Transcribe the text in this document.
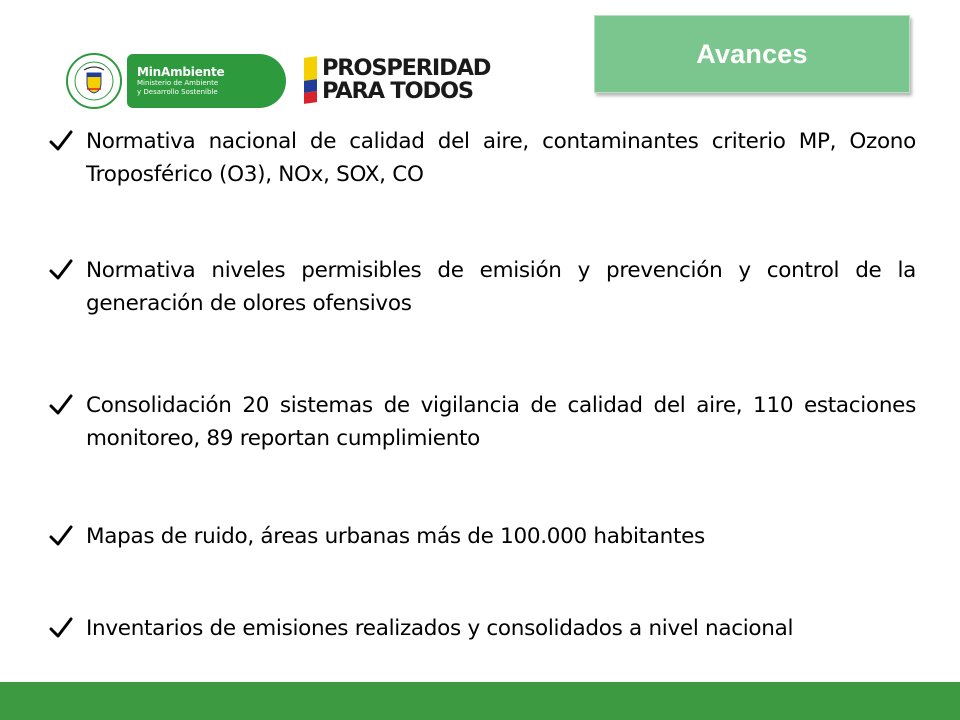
MinAmbiente
Ministerio de Ambiente
y Desarrollo Sostenible
PROSPERIDAD
PARA TODOS
Avances
Normativa nacional de calidad del aire, contaminantes criterio MP, Ozono Troposférico (O3), NOx, SOX, CO
Normativa niveles permisibles de emisión y prevención y control de la generación de olores ofensivos
Consolidación 20 sistemas de vigilancia de calidad del aire, 110 estaciones monitoreo, 89 reportan cumplimiento
Mapas de ruido, áreas urbanas más de 100.000 habitantes
Inventarios de emisiones realizados y consolidados a nivel nacional
